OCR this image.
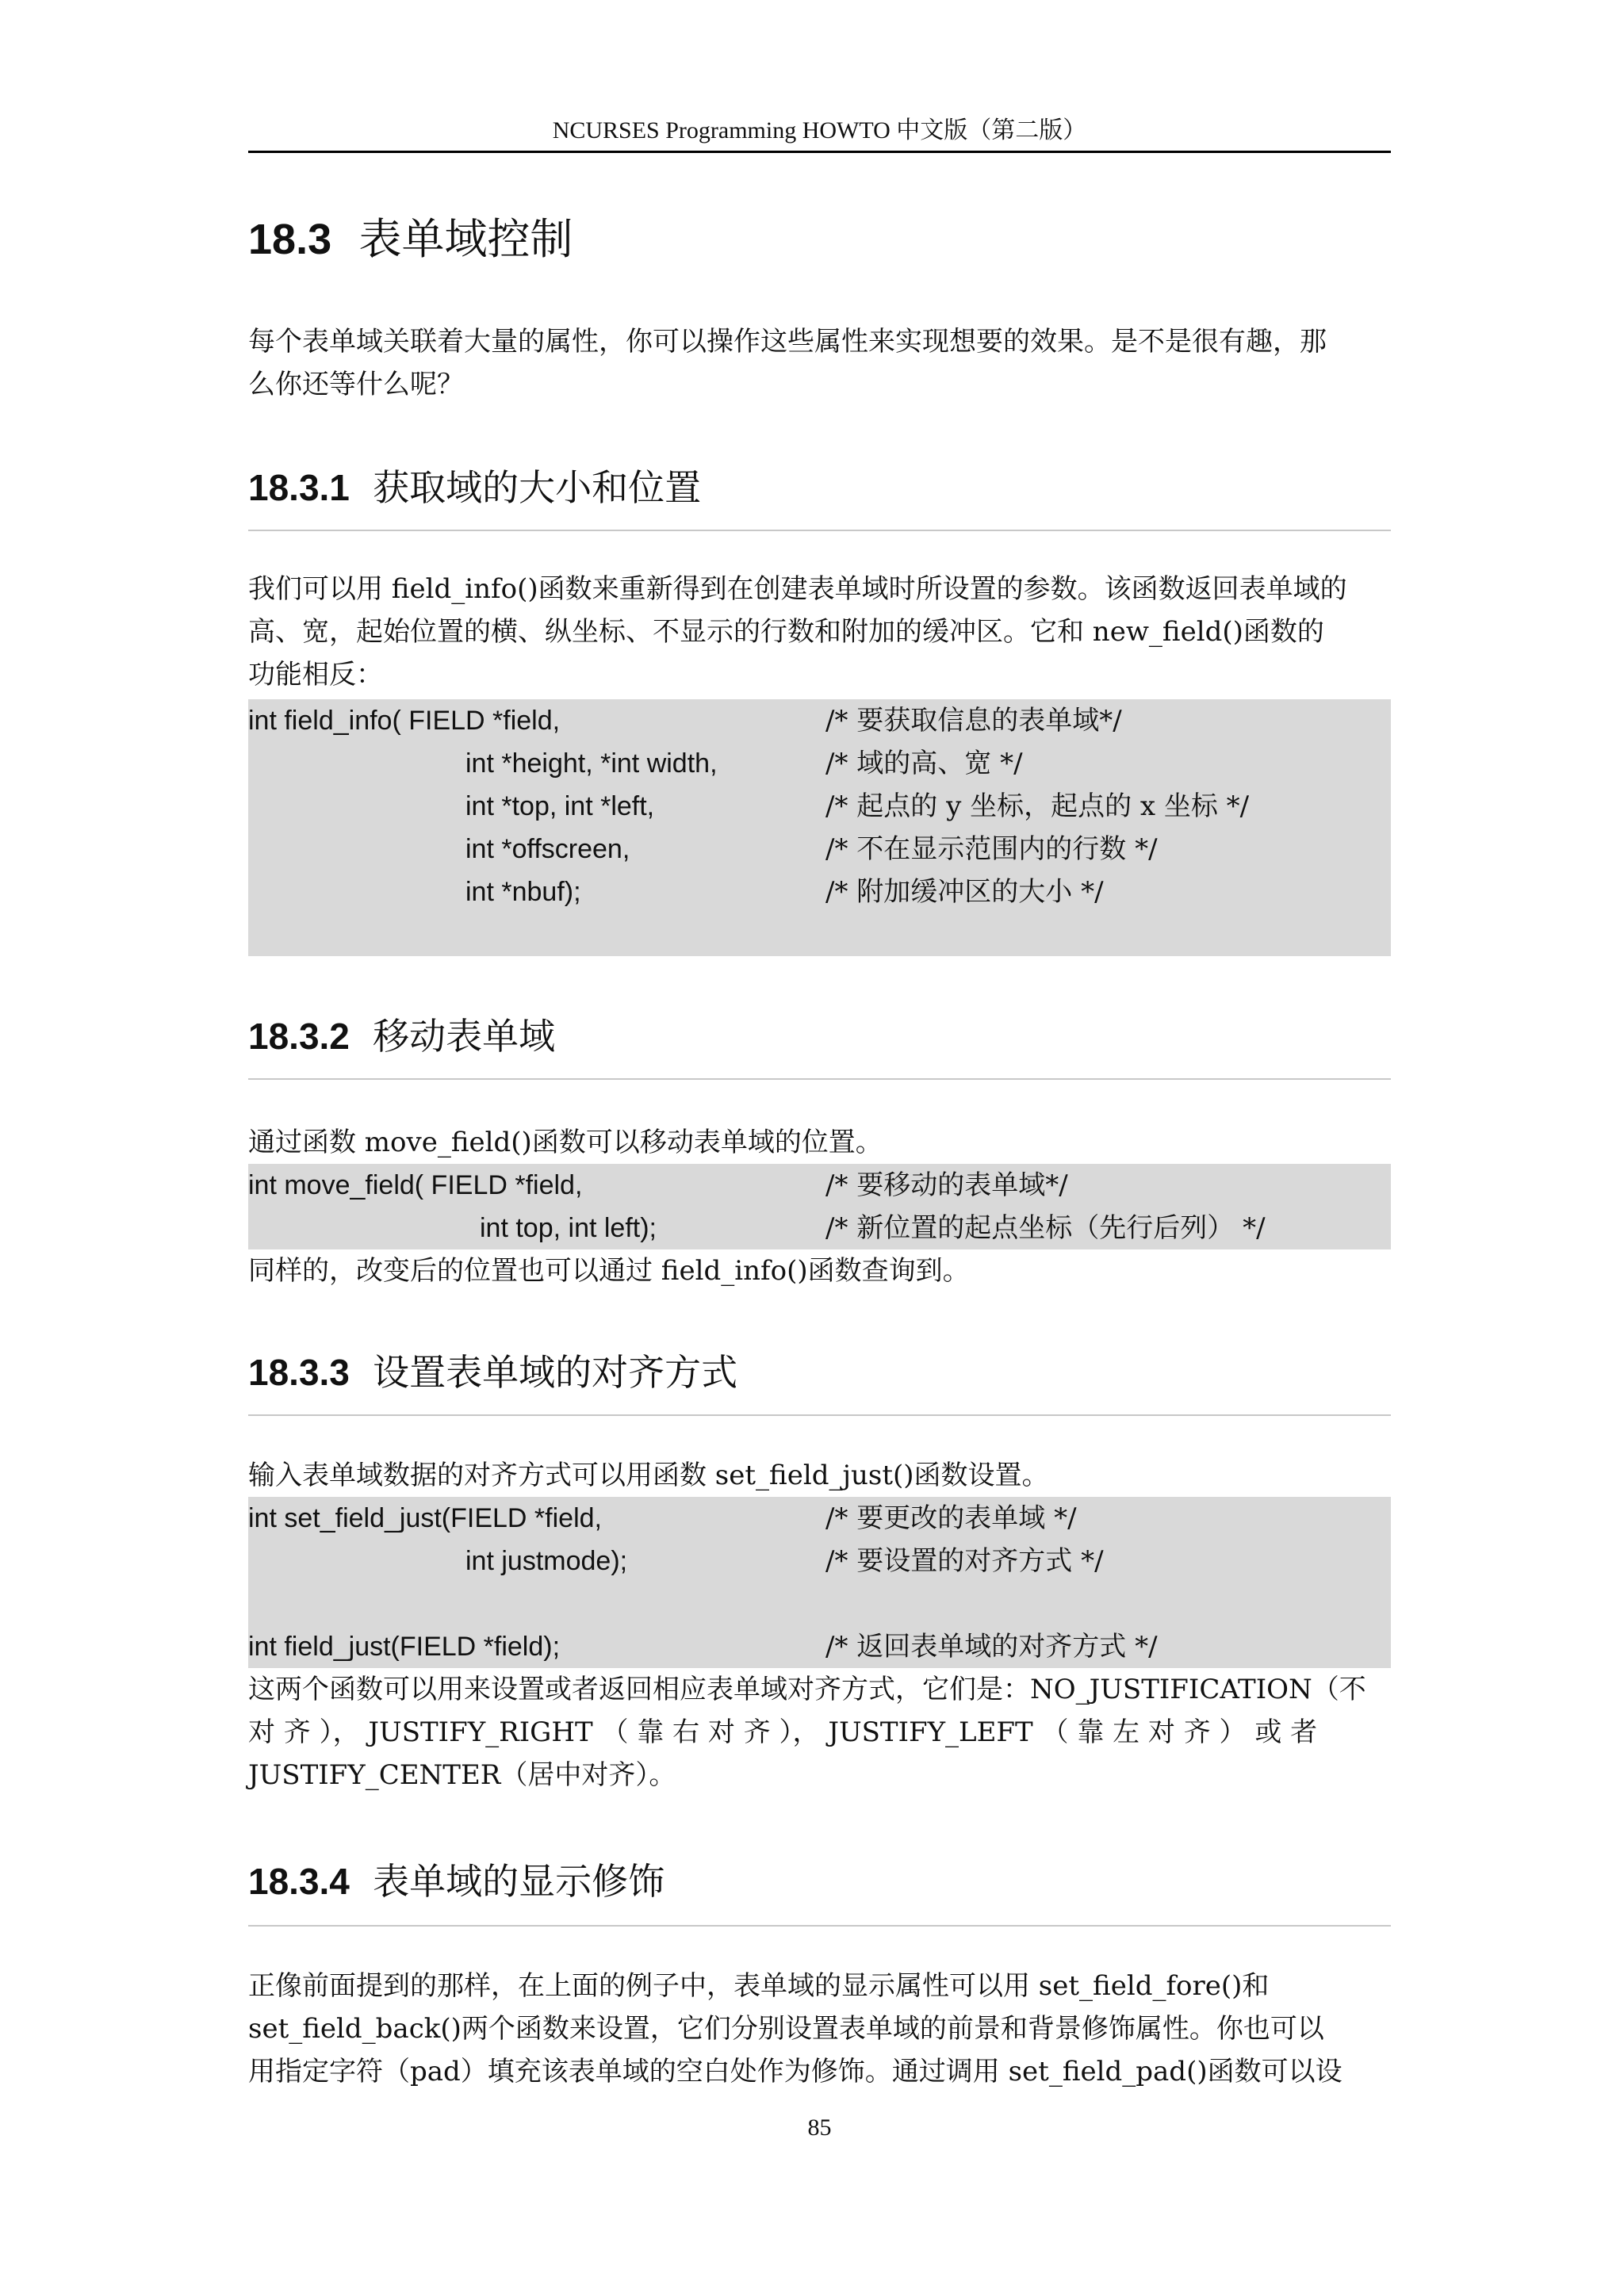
NCURSES Programming HOWTO 中文版（第二版）
18.3 表单域控制
每个表单域关联着大量的属性，你可以操作这些属性来实现想要的效果。是不是很有趣，那
么你还等什么呢？
18.3.1 获取域的大小和位置
我们可以用 field_info()函数来重新得到在创建表单域时所设置的参数。该函数返回表单域的
高、宽，起始位置的横、纵坐标、不显示的行数和附加的缓冲区。它和 new_field()函数的
功能相反：
int field_info( FIELD *field,	/* 要获取信息的表单域*/
int *height, *int width,	/* 域的高、宽 */
int *top, int *left,	/* 起点的 y 坐标，起点的 x 坐标 */
int *offscreen,	/* 不在显示范围内的行数 */
int *nbuf);	/* 附加缓冲区的大小 */
18.3.2 移动表单域
通过函数 move_field()函数可以移动表单域的位置。
int move_field( FIELD *field,	/* 要移动的表单域*/
int top, int left);	/* 新位置的起点坐标（先行后列） */
同样的，改变后的位置也可以通过 field_info()函数查询到。
18.3.3 设置表单域的对齐方式
输入表单域数据的对齐方式可以用函数 set_field_just()函数设置。
int set_field_just(FIELD *field,	/* 要更改的表单域 */
int justmode);	/* 要设置的对齐方式 */
int field_just(FIELD *field);	/* 返回表单域的对齐方式 */
这两个函数可以用来设置或者返回相应表单域对齐方式，它们是：NO_JUSTIFICATION（不
对 齐 ）， JUSTIFY_RIGHT （ 靠 右 对 齐 ）， JUSTIFY_LEFT （ 靠 左 对 齐 ） 或 者
JUSTIFY_CENTER（居中对齐）。
18.3.4 表单域的显示修饰
正像前面提到的那样，在上面的例子中，表单域的显示属性可以用 set_field_fore()和
set_field_back()两个函数来设置，它们分别设置表单域的前景和背景修饰属性。你也可以
用指定字符（pad）填充该表单域的空白处作为修饰。通过调用 set_field_pad()函数可以设
85
